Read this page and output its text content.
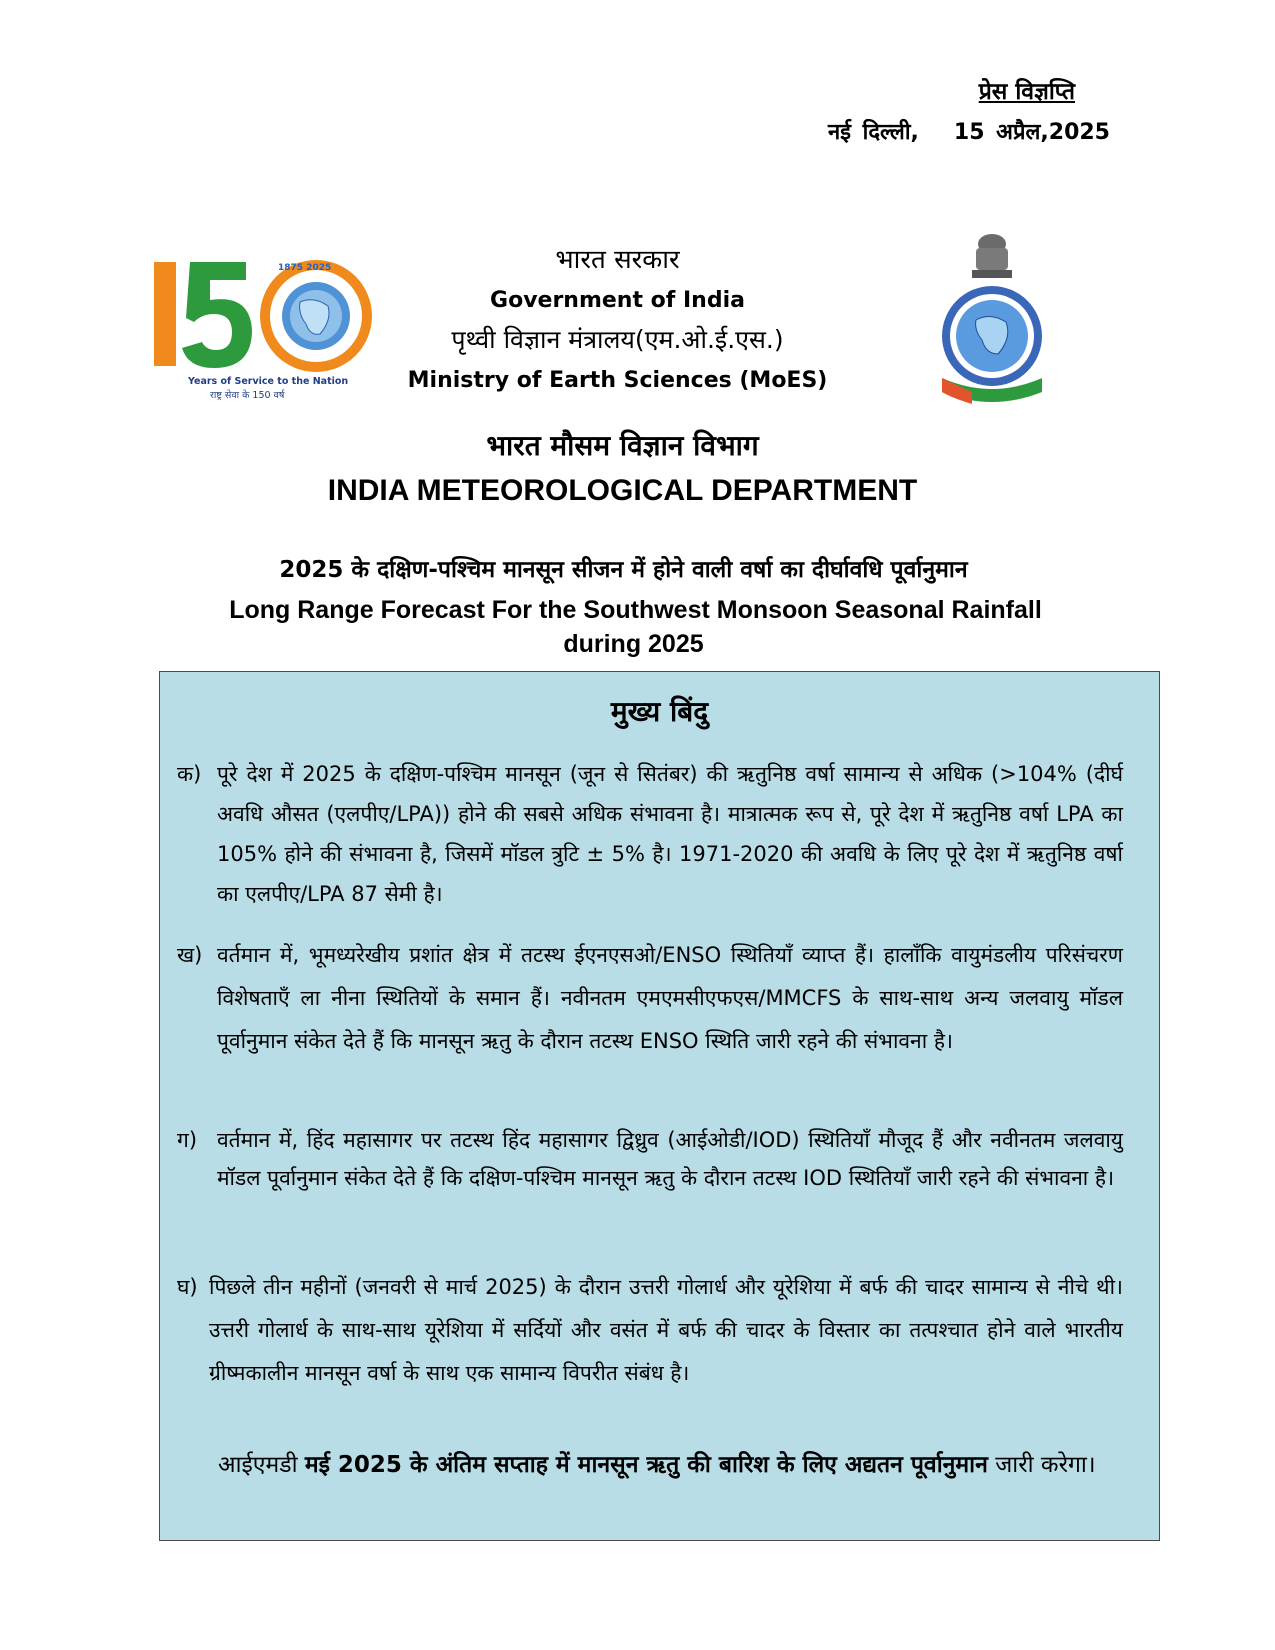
प्रेस विज्ञप्ति
नई दिल्ली, 15 अप्रैल,2025
1875 2025
Years of Service to the Nation
राष्ट्र सेवा के 150 वर्ष
भारत सरकार
Government of India
पृथ्वी विज्ञान मंत्रालय(एम.ओ.ई.एस.)
Ministry of Earth Sciences (MoES)
भारत मौसम विज्ञान विभाग
INDIA METEOROLOGICAL DEPARTMENT
2025 के दक्षिण-पश्चिम मानसून सीजन में होने वाली वर्षा का दीर्घावधि पूर्वानुमान
Long Range Forecast For the Southwest Monsoon Seasonal Rainfall
during 2025
मुख्य बिंदु
क) पूरे देश में 2025 के दक्षिण-पश्चिम मानसून (जून से सितंबर) की ऋतुनिष्ठ वर्षा सामान्य से अधिक (>104% (दीर्घ अवधि औसत (एलपीए/LPA)) होने की सबसे अधिक संभावना है। मात्रात्मक रूप से, पूरे देश में ऋतुनिष्ठ वर्षा LPA का 105% होने की संभावना है, जिसमें मॉडल त्रुटि ± 5% है। 1971-2020 की अवधि के लिए पूरे देश में ऋतुनिष्ठ वर्षा का एलपीए/LPA 87 सेमी है।
ख) वर्तमान में, भूमध्यरेखीय प्रशांत क्षेत्र में तटस्थ ईएनएसओ/ENSO स्थितियाँ व्याप्त हैं। हालाँकि वायुमंडलीय परिसंचरण विशेषताएँ ला नीना स्थितियों के समान हैं। नवीनतम एमएमसीएफएस/MMCFS के साथ-साथ अन्य जलवायु मॉडल पूर्वानुमान संकेत देते हैं कि मानसून ऋतु के दौरान तटस्थ ENSO स्थिति जारी रहने की संभावना है।
ग) वर्तमान में, हिंद महासागर पर तटस्थ हिंद महासागर द्विध्रुव (आईओडी/IOD) स्थितियाँ मौजूद हैं और नवीनतम जलवायु मॉडल पूर्वानुमान संकेत देते हैं कि दक्षिण-पश्चिम मानसून ऋतु के दौरान तटस्थ IOD स्थितियाँ जारी रहने की संभावना है।
घ) पिछले तीन महीनों (जनवरी से मार्च 2025) के दौरान उत्तरी गोलार्ध और यूरेशिया में बर्फ की चादर सामान्य से नीचे थी। उत्तरी गोलार्ध के साथ-साथ यूरेशिया में सर्दियों और वसंत में बर्फ की चादर के विस्तार का तत्पश्चात होने वाले भारतीय ग्रीष्मकालीन मानसून वर्षा के साथ एक सामान्य विपरीत संबंध है।
आईएमडी मई 2025 के अंतिम सप्ताह में मानसून ऋतु की बारिश के लिए अद्यतन पूर्वानुमान जारी करेगा।
